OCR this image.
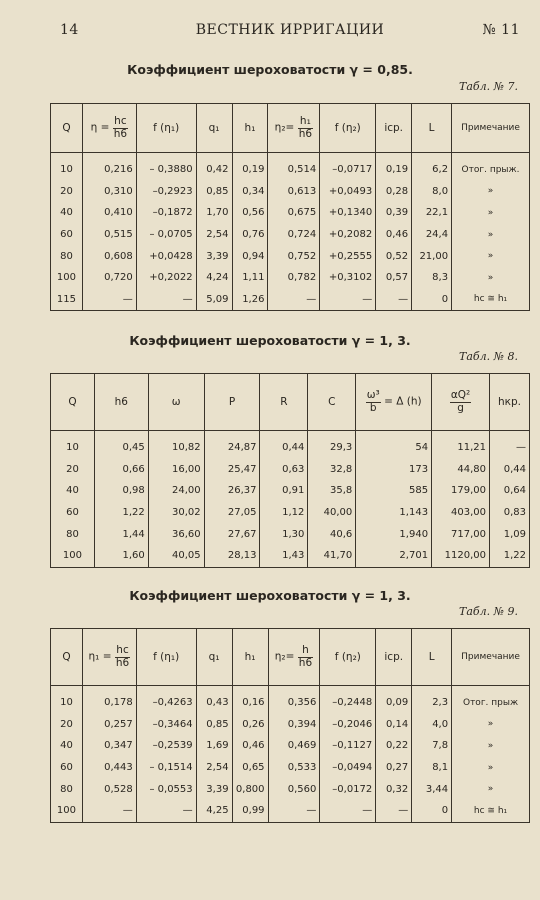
14	ВЕСТНИК ИРРИГАЦИИ	№ 11
Коэффициент шероховатости γ = 0,85.
Табл. № 7.
Q	$\eta = \frac{hc}{h6}$	f (η₁)	q₁	h₁	$\eta_2= \frac{\text{h₁}}{h6}$	f (η₂)	icp.	L	Примечание
10	0,216	– 0,3880	0,42	0,19	0,514	–0,0717	0,19	6,2	Отог. прыж.
20	0,310	–0,2923	0,85	0,34	0,613	+0,0493	0,28	8,0	»
40	0,410	–0,1872	1,70	0,56	0,675	+0,1340	0,39	22,1	»
60	0,515	– 0,0705	2,54	0,76	0,724	+0,2082	0,46	24,4	»
80	0,608	+0,0428	3,39	0,94	0,752	+0,2555	0,52	21,00	»
100	0,720	+0,2022	4,24	1,11	0,782	+0,3102	0,57	8,3	»
115	—	—	5,09	1,26	—	—	—	0	hc ≅ h₁
Коэффициент шероховатости γ = 1, 3.
Табл. № 8.
Q	h6	ω	P	R	C	$\frac{\text{ω³}}{b} = \Delta$ (h)	$\frac{\text{αQ²}}{g}$	hкр.
10	0,45	10,82	24,87	0,44	29,3	54	11,21	—
20	0,66	16,00	25,47	0,63	32,8	173	44,80	0,44
40	0,98	24,00	26,37	0,91	35,8	585	179,00	0,64
60	1,22	30,02	27,05	1,12	40,00	1,143	403,00	0,83
80	1,44	36,60	27,67	1,30	40,6	1,940	717,00	1,09
100	1,60	40,05	28,13	1,43	41,70	2,701	1120,00	1,22
Коэффициент шероховатости γ = 1, 3.
Табл. № 9.
Q	$\eta_1 = \frac{hc}{h6}$	f (η₁)	q₁	h₁	$\eta_2= \frac{h}{h6}$	f (η₂)	icp.	L	Примечание
10	0,178	–0,4263	0,43	0,16	0,356	–0,2448	0,09	2,3	Отог. прыж
20	0,257	–0,3464	0,85	0,26	0,394	–0,2046	0,14	4,0	»
40	0,347	–0,2539	1,69	0,46	0,469	–0,1127	0,22	7,8	»
60	0,443	– 0,1514	2,54	0,65	0,533	–0,0494	0,27	8,1	»
80	0,528	– 0,0553	3,39	0,800	0,560	–0,0172	0,32	3,44	»
100	—	—	4,25	0,99	—	—	—	0	hc ≅ h₁
